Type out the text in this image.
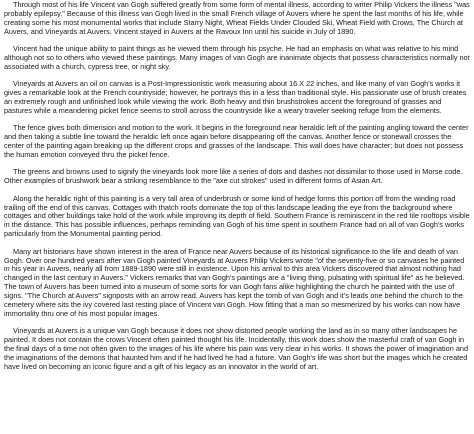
Through most of his life Vincent van Gogh suffered greatly from some form of mental illness, according to writer Philip Vickers the illness "was probably epilepsy." Because of this illness van Gogh lived in the small French village of Auvers where he spent the last months of his life, while creating some his most monumental works that include Starry Night, Wheat Fields Under Clouded Ski, Wheat Field with Crows, The Church at Auvers, and Vineyards at Auvers. Vincent stayed in Auvers at the Ravoux Inn until his suicide in July of 1890.

Vincent had the unique ability to paint things as he viewed them through his psyche. He had an emphasis on what was relative to his mind although not so to others who viewed these paintings. Many images of van Gogh are inanimate objects that possess characteristics normally not associated with a church, cypress tree, or night sky.

Vineyards at Auvers an oil on canvas is a Post-Impressionistic work measuring about 16 X 22 inches, and like many of van Gogh's works it gives a remarkable look at the French countryside; however, he portrays this in a less than traditional style. His passionate use of brush creates an extremely rough and unfinished look while viewing the work. Both heavy and thin brushstrokes accent the foreground of grasses and pastures while a meandering picket fence seems to stroll across the countryside like a weary traveler seeking refuge from the elements.

The fence gives both dimension and motion to the work. It begins in the foreground near heraldic left of the painting angling toward the center and then taking a subtle line toward the heraldic left once again before disappearing off the canvas. Another fence or stonewall crosses the center of the painting again breaking up the different crops and grasses of the landscape. This wall does have character; but does not possess the human emotion conveyed thru the picket fence.

The greens and browns used to signify the vineyards look more like a series of dots and dashes not dissimilar to those used in Morse code. Other examples of brushwork bear a striking resemblance to the "axe cut strokes" used in different forms of Asian Art.

Along the heraldic right of this painting is a very tall area of underbrush or some kind of hedge forms this portion off from the winding road trailing off the end of this canvas. Cottages with thatch roofs dominate the top of this landscape leading the eye from the background where cottages and other buildings take hold of the work while improving its depth of field. Southern France is reminiscent in the red tile rooftops visible in the distance. This has possible influences, perhaps reminding van Gogh of his time spent in southern France had on all of van Gogh's works particularly from the Monumental painting period.

Many art historians have shown interest in the area of France near Auvers because of its historical significance to the life and death of van Gogh. Over one hundred years after van Gogh painted Vineyards at Auvers Philip Vickers wrote "of the seventy-five or so canvases he painted in his year in Auvers, nearly all from 1889-1890 were still in existence. Upon his arrival to this area Vickers discovered that almost nothing had changed in the last century in Auvers." Vickers remarks that van Gogh's paintings are a "living thing, pulsating with spiritual life" as he believed. The town of Auvers has been turned into a museum of some sorts for van Gogh fans alike highlighting the church he painted with the use of signs. "The Church at Auvers" signposts with an arrow read. Auvers has kept the tomb of van Gogh and it's leads one behind the church to the cemetery where sits the ivy covered last resting place of Vincent van Gogh. How fitting that a man so mesmerized by his works can now have immortality thru one of his most popular images.

Vineyards at Auvers is a unique van Gogh because it does not show distorted people working the land as in so many other landscapes he painted. It does not contain the crows Vincent often painted thought his life. Incidentally, this work does show the masterful craft of van Gogh in the final days of a time not often given to the images of his life where his pain was very clear in his works. It shows the power of imagination and the imaginations of the demons that haunted him and if he had lived he had a future. Van Gogh's life was short but the images which he created have lived on becoming an iconic figure and a gift of his legacy as an innovator in the world of art.
